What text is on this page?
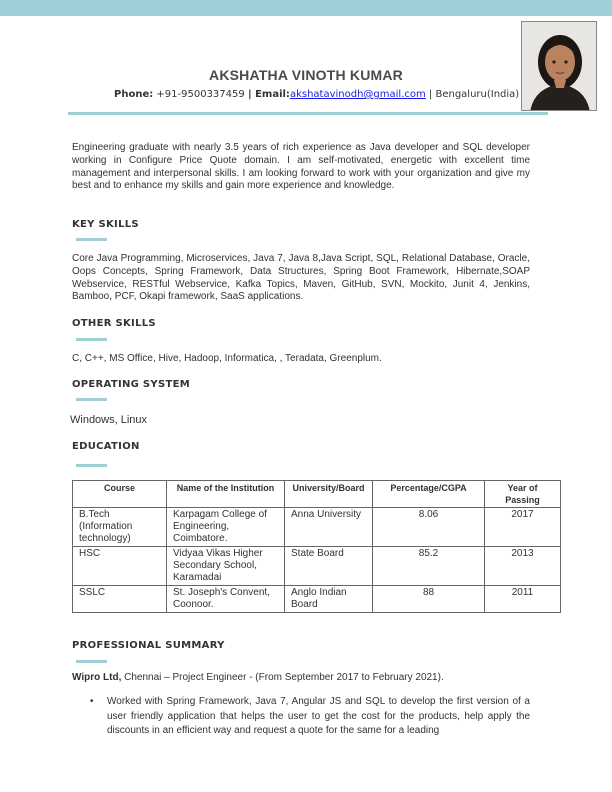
AKSHATHA VINOTH KUMAR
Phone: +91-9500337459 | Email:akshatavinodh@gmail.com | Bengaluru(India)
Engineering graduate with nearly 3.5 years of rich experience as Java developer and SQL developer working in Configure Price Quote domain. I am self-motivated, energetic with excellent time management and interpersonal skills. I am looking forward to work with your organization and give my best and to enhance my skills and gain more experience and knowledge.
KEY SKILLS
Core Java Programming, Microservices, Java 7, Java 8,Java Script, SQL, Relational Database, Oracle, Oops Concepts, Spring Framework, Data Structures, Spring Boot Framework, Hibernate,SOAP Webservice, RESTful Webservice, Kafka Topics, Maven, GitHub, SVN, Mockito, Junit 4, Jenkins, Bamboo, PCF, Okapi framework, SaaS applications.
OTHER SKILLS
C, C++, MS Office, Hive, Hadoop, Informatica, , Teradata, Greenplum.
OPERATING SYSTEM
Windows, Linux
EDUCATION
Course	Name of the Institution	University/Board	Percentage/CGPA	Year of Passing
B.Tech (Information technology)	Karpagam College of Engineering, Coimbatore.	Anna University	8.06	2017
HSC	Vidyaa Vikas Higher Secondary School, Karamadai	State Board	85.2	2013
SSLC	St. Joseph's Convent, Coonoor.	Anglo Indian Board	88	2011
PROFESSIONAL SUMMARY
Wipro Ltd, Chennai – Project Engineer - (From September 2017 to February 2021).
• Worked with Spring Framework, Java 7, Angular JS and SQL to develop the first version of a user friendly application that helps the user to get the cost for the products, help apply the discounts in an efficient way and request a quote for the same for a leading
